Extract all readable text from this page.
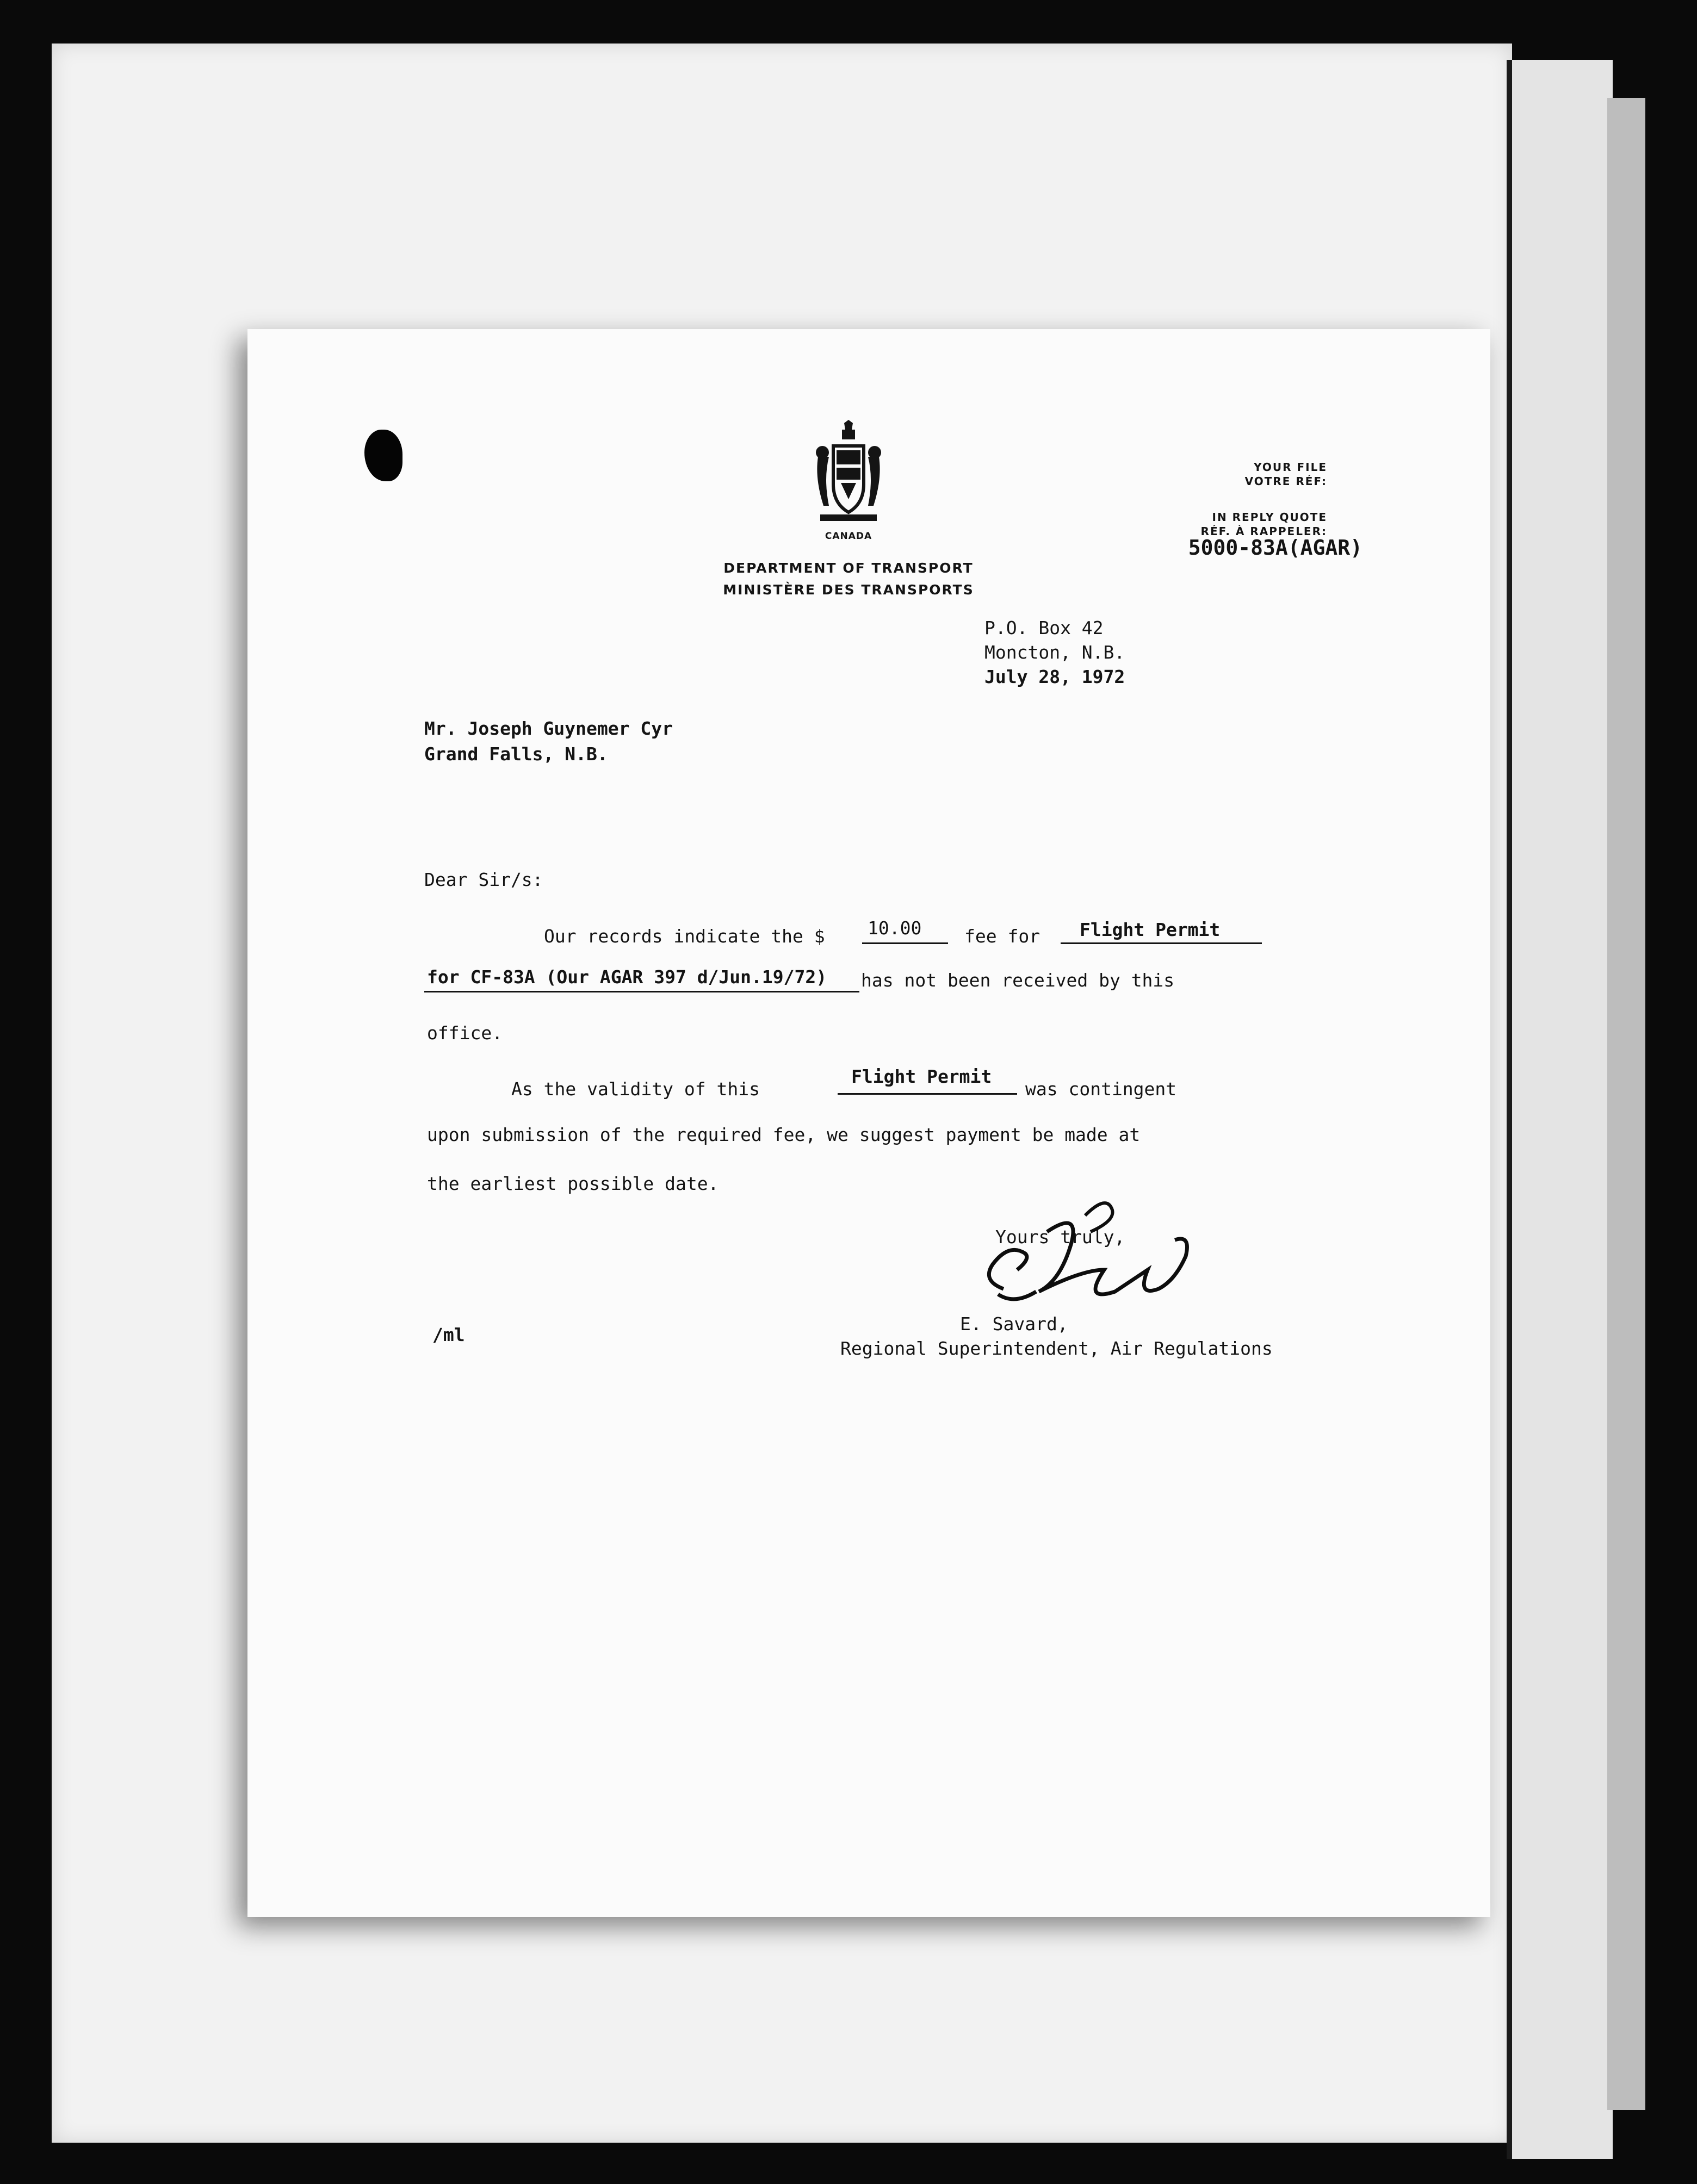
CANADA
DEPARTMENT OF TRANSPORT
MINISTÈRE DES TRANSPORTS
YOUR FILE
VOTRE RÉF:
IN REPLY QUOTE
RÉF. À RAPPELER:
5000-83A(AGAR)
P.O. Box 42
Moncton, N.B.
July 28, 1972
Mr. Joseph Guynemer Cyr
Grand Falls, N.B.
Dear Sir/s:
Our records indicate the $ 10.00 fee for Flight Permit
for CF-83A (Our AGAR 397 d/Jun.19/72) has not been received by this
office.
As the validity of this
Flight Permit
was contingent
upon submission of the required fee, we suggest payment be made at
the earliest possible date.
Yours truly,
E. Savard,
Regional Superintendent, Air Regulations
/ml
